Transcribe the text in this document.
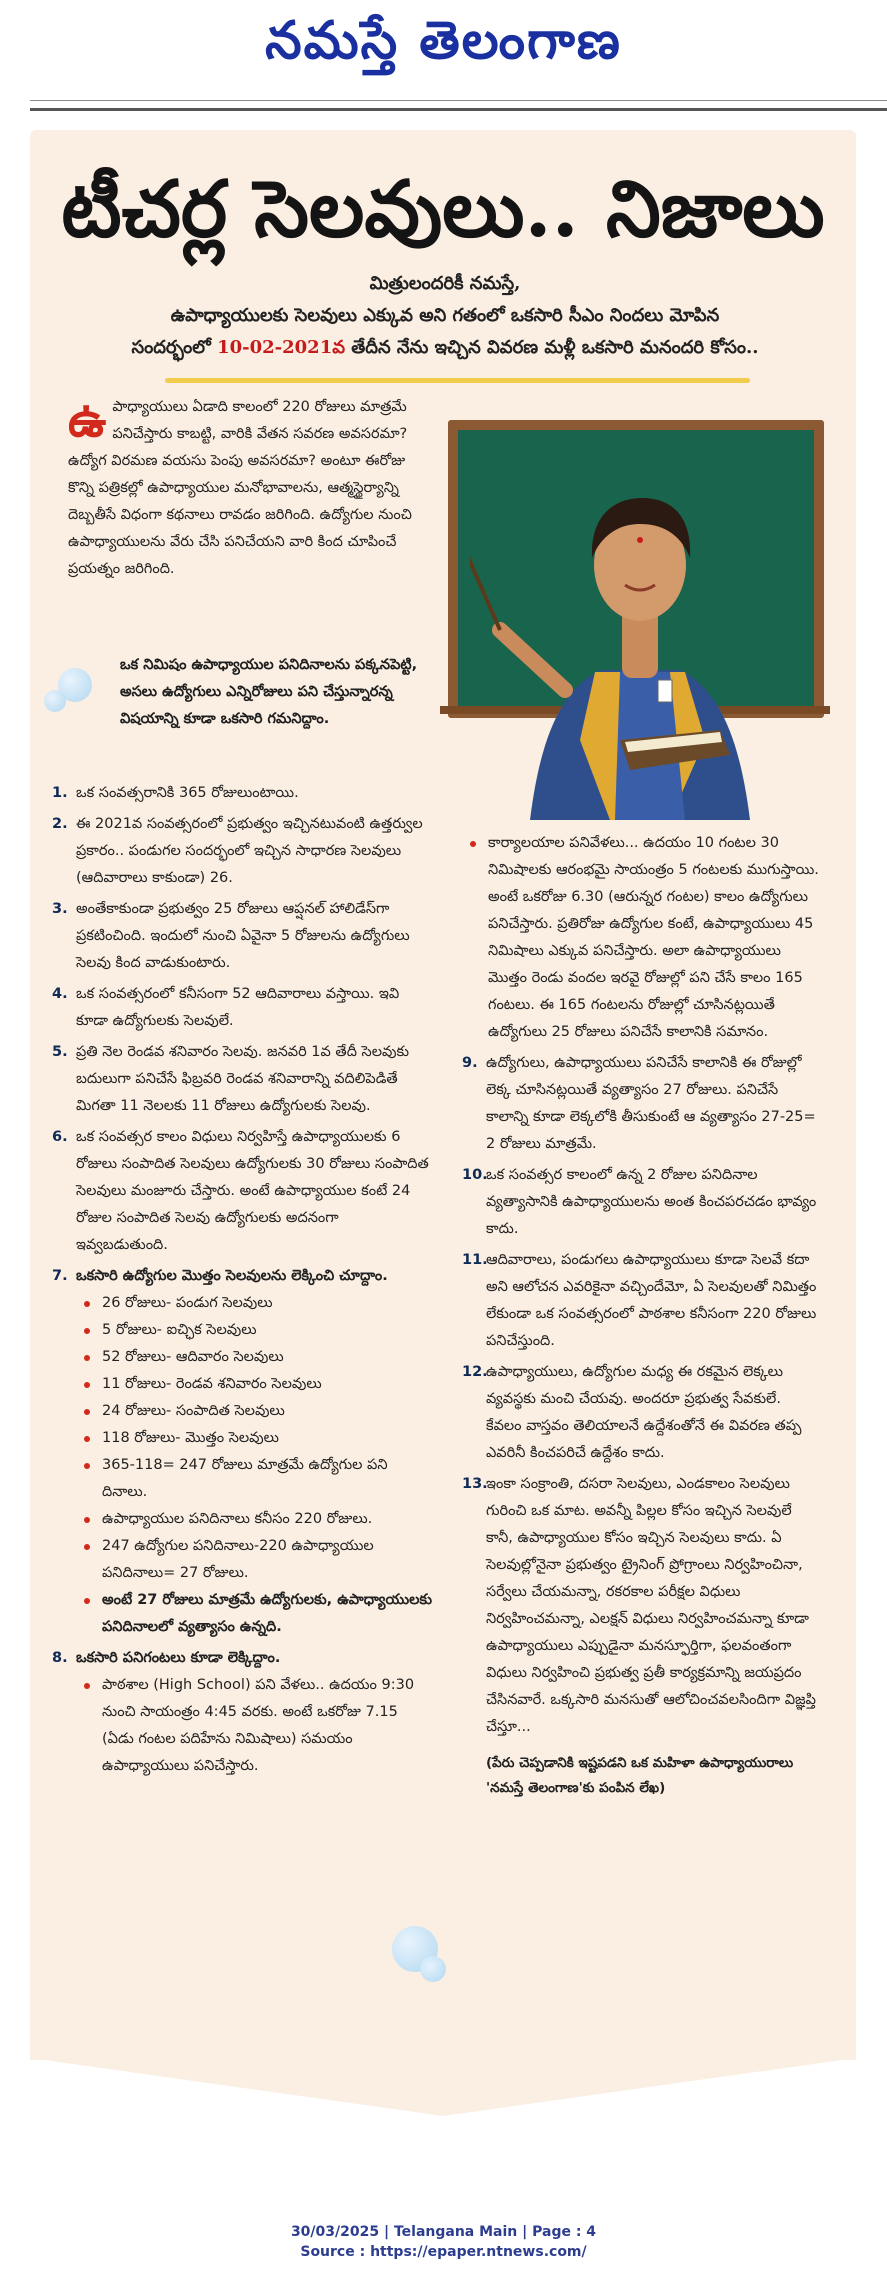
నమస్తే తెలంగాణ
టీచర్ల సెలవులు.. నిజాలు
మిత్రులందరికీ నమస్తే,
ఉపాధ్యాయులకు సెలవులు ఎక్కువ అని గతంలో ఒకసారి సీఎం నిందలు మోపిన
సందర్భంలో 10-02-2021వ తేదీన నేను ఇచ్చిన వివరణ మళ్లీ ఒకసారి మనందరి కోసం..
ఉపాధ్యాయులు ఏడాది కాలంలో 220 రోజులు మాత్రమే పనిచేస్తారు కాబట్టి, వారికి వేతన సవరణ అవసరమా? ఉద్యోగ విరమణ వయసు పెంపు అవసరమా? అంటూ ఈరోజు కొన్ని పత్రికల్లో ఉపాధ్యాయుల మనోభావాలను, ఆత్మస్థైర్యాన్ని దెబ్బతీసే విధంగా కథనాలు రావడం జరిగింది. ఉద్యోగుల నుంచి ఉపాధ్యాయులను వేరు చేసి పనిచేయని వారి కింద చూపించే ప్రయత్నం జరిగింది.
ఒక నిమిషం ఉపాధ్యాయుల పనిదినాలను పక్కనపెట్టి, అసలు ఉద్యోగులు ఎన్నిరోజులు పని చేస్తున్నారన్న విషయాన్ని కూడా ఒకసారి గమనిద్దాం.
1. ఒక సంవత్సరానికి 365 రోజులుంటాయి.
2. ఈ 2021వ సంవత్సరంలో ప్రభుత్వం ఇచ్చినటువంటి ఉత్తర్వుల ప్రకారం.. పండుగల సందర్భంలో ఇచ్చిన సాధారణ సెలవులు (ఆదివారాలు కాకుండా) 26.
3. అంతేకాకుండా ప్రభుత్వం 25 రోజులు ఆప్షనల్ హాలిడేస్‌గా ప్రకటించింది. ఇందులో నుంచి ఏవైనా 5 రోజులను ఉద్యోగులు సెలవు కింద వాడుకుంటారు.
4. ఒక సంవత్సరంలో కనీసంగా 52 ఆదివారాలు వస్తాయి. ఇవి కూడా ఉద్యోగులకు సెలవులే.
5. ప్రతి నెల రెండవ శనివారం సెలవు. జనవరి 1వ తేదీ సెలవుకు బదులుగా పనిచేసే ఫిబ్రవరి రెండవ శనివారాన్ని వదిలిపెడితే మిగతా 11 నెలలకు 11 రోజులు ఉద్యోగులకు సెలవు.
6. ఒక సంవత్సర కాలం విధులు నిర్వహిస్తే ఉపాధ్యాయులకు 6 రోజులు సంపాదిత సెలవులు ఉద్యోగులకు 30 రోజులు సంపాదిత సెలవులు మంజూరు చేస్తారు. అంటే ఉపాధ్యాయుల కంటే 24 రోజుల సంపాదిత సెలవు ఉద్యోగులకు అదనంగా ఇవ్వబడుతుంది.
7. ఒకసారి ఉద్యోగుల మొత్తం సెలవులను లెక్కించి చూద్దాం.
26 రోజులు- పండుగ సెలవులు
5 రోజులు- ఐచ్ఛిక సెలవులు
52 రోజులు- ఆదివారం సెలవులు
11 రోజులు- రెండవ శనివారం సెలవులు
24 రోజులు- సంపాదిత సెలవులు
118 రోజులు- మొత్తం సెలవులు
365-118= 247 రోజులు మాత్రమే ఉద్యోగుల పని దినాలు.
ఉపాధ్యాయుల పనిదినాలు కనీసం 220 రోజులు.
247 ఉద్యోగుల పనిదినాలు-220 ఉపాధ్యాయుల పనిదినాలు= 27 రోజులు.
అంటే 27 రోజులు మాత్రమే ఉద్యోగులకు, ఉపాధ్యాయులకు పనిదినాలలో వ్యత్యాసం ఉన్నది.
8. ఒకసారి పనిగంటలు కూడా లెక్కిద్దాం.
పాఠశాల (High School) పని వేళలు.. ఉదయం 9:30 నుంచి సాయంత్రం 4:45 వరకు. అంటే ఒకరోజు 7.15 (ఏడు గంటల పదిహేను నిమిషాలు) సమయం ఉపాధ్యాయులు పనిచేస్తారు.
కార్యాలయాల పనివేళలు... ఉదయం 10 గంటల 30 నిమిషాలకు ఆరంభమై సాయంత్రం 5 గంటలకు ముగుస్తాయి. అంటే ఒకరోజు 6.30 (ఆరున్నర గంటల) కాలం ఉద్యోగులు పనిచేస్తారు. ప్రతిరోజు ఉద్యోగుల కంటే, ఉపాధ్యాయులు 45 నిమిషాలు ఎక్కువ పనిచేస్తారు. అలా ఉపాధ్యాయులు మొత్తం రెండు వందల ఇరవై రోజుల్లో పని చేసే కాలం 165 గంటలు. ఈ 165 గంటలను రోజుల్లో చూసినట్లయితే ఉద్యోగులు 25 రోజులు పనిచేసే కాలానికి సమానం.
9. ఉద్యోగులు, ఉపాధ్యాయులు పనిచేసే కాలానికి ఈ రోజుల్లో లెక్క చూసినట్లయితే వ్యత్యాసం 27 రోజులు. పనిచేసే కాలాన్ని కూడా లెక్కలోకి తీసుకుంటే ఆ వ్యత్యాసం 27-25= 2 రోజులు మాత్రమే.
10.
ఒక సంవత్సర కాలంలో ఉన్న 2 రోజుల పనిదినాల వ్యత్యాసానికి ఉపాధ్యాయులను అంత కించపరచడం భావ్యం కాదు.
11.
ఆదివారాలు, పండుగలు ఉపాధ్యాయులు కూడా సెలవే కదా అని ఆలోచన ఎవరికైనా వచ్చిందేమో, ఏ సెలవులతో నిమిత్తం లేకుండా ఒక సంవత్సరంలో పాఠశాల కనీసంగా 220 రోజులు పనిచేస్తుంది.
12.
ఉపాధ్యాయులు, ఉద్యోగుల మధ్య ఈ రకమైన లెక్కలు వ్యవస్థకు మంచి చేయవు. అందరూ ప్రభుత్వ సేవకులే. కేవలం వాస్తవం తెలియాలనే ఉద్దేశంతోనే ఈ వివరణ తప్ప ఎవరినీ కించపరిచే ఉద్దేశం కాదు.
13.
ఇంకా సంక్రాంతి, దసరా సెలవులు, ఎండకాలం సెలవులు గురించి ఒక మాట. అవన్నీ పిల్లల కోసం ఇచ్చిన సెలవులే కానీ, ఉపాధ్యాయుల కోసం ఇచ్చిన సెలవులు కాదు. ఏ సెలవుల్లోనైనా ప్రభుత్వం ట్రైనింగ్ ప్రోగ్రాంలు నిర్వహించినా, సర్వేలు చేయమన్నా, రకరకాల పరీక్షల విధులు నిర్వహించమన్నా, ఎలక్షన్ విధులు నిర్వహించమన్నా కూడా ఉపాధ్యాయులు ఎప్పుడైనా మనస్ఫూర్తిగా, ఫలవంతంగా విధులు నిర్వహించి ప్రభుత్వ ప్రతీ కార్యక్రమాన్ని జయప్రదం చేసినవారే. ఒక్కసారి మనసుతో ఆలోచించవలసిందిగా విజ్ఞప్తి చేస్తూ...
(పేరు చెప్పడానికి ఇష్టపడని ఒక మహిళా ఉపాధ్యాయురాలు 'నమస్తే తెలంగాణ'కు పంపిన లేఖ)
30/03/2025 | Telangana Main | Page : 4
Source : https://epaper.ntnews.com/
